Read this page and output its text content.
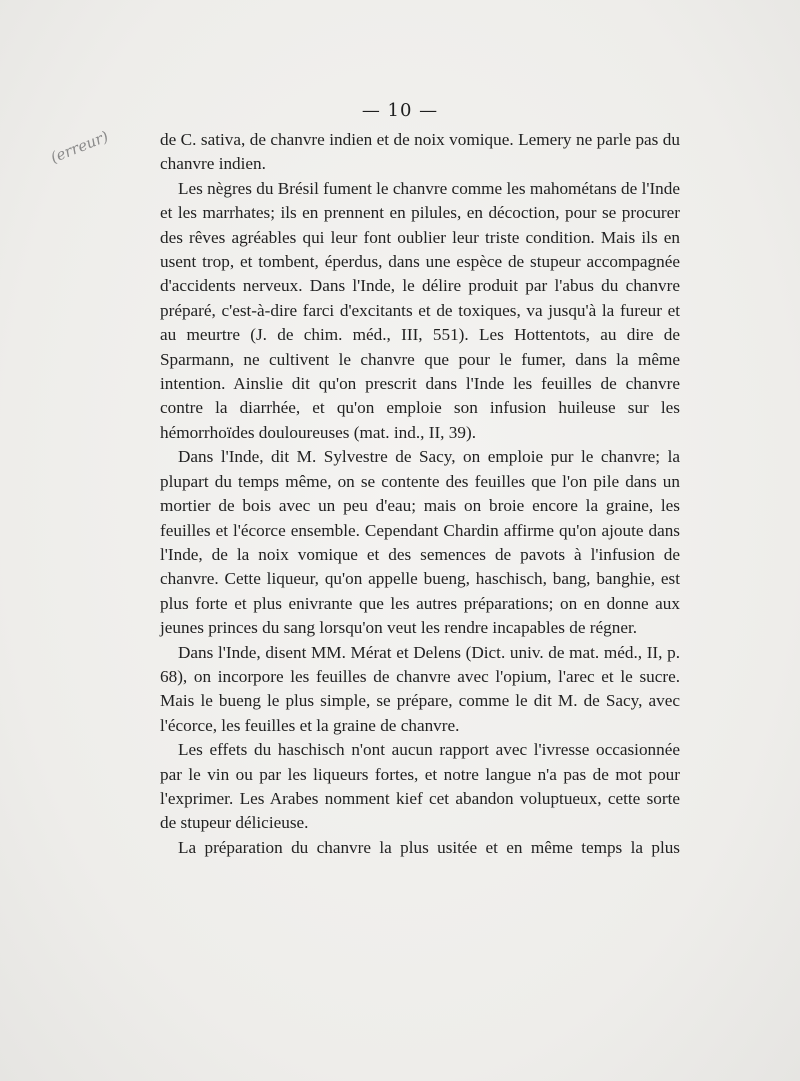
— 10 —
(erreur)	de C. sativa, de chanvre indien et de noix vomique. Lemery ne parle pas du chanvre indien.

Les nègres du Brésil fument le chanvre comme les mahométans de l'Inde et les marrhates; ils en prennent en pilules, en décoction, pour se procurer des rêves agréables qui leur font oublier leur triste condition. Mais ils en usent trop, et tombent, éperdus, dans une espèce de stupeur accompagnée d'accidents nerveux. Dans l'Inde, le délire produit par l'abus du chanvre préparé, c'est-à-dire farci d'excitants et de toxiques, va jusqu'à la fureur et au meurtre (J. de chim. méd., III, 551). Les Hottentots, au dire de Sparmann, ne cultivent le chanvre que pour le fumer, dans la même intention. Ainslie dit qu'on prescrit dans l'Inde les feuilles de chanvre contre la diarrhée, et qu'on emploie son infusion huileuse sur les hémorrhoïdes douloureuses (mat. ind., II, 39).

Dans l'Inde, dit M. Sylvestre de Sacy, on emploie pur le chanvre; la plupart du temps même, on se contente des feuilles que l'on pile dans un mortier de bois avec un peu d'eau; mais on broie encore la graine, les feuilles et l'écorce ensemble. Cependant Chardin affirme qu'on ajoute dans l'Inde, de la noix vomique et des semences de pavots à l'infusion de chanvre. Cette liqueur, qu'on appelle bueng, haschisch, bang, banghie, est plus forte et plus enivrante que les autres préparations; on en donne aux jeunes princes du sang lorsqu'on veut les rendre incapables de régner.

Dans l'Inde, disent MM. Mérat et Delens (Dict. univ. de mat. méd., II, p. 68), on incorpore les feuilles de chanvre avec l'opium, l'arec et le sucre. Mais le bueng le plus simple, se prépare, comme le dit M. de Sacy, avec l'écorce, les feuilles et la graine de chanvre.

Les effets du haschisch n'ont aucun rapport avec l'ivresse occasionnée par le vin ou par les liqueurs fortes, et notre langue n'a pas de mot pour l'exprimer. Les Arabes nomment kief cet abandon voluptueux, cette sorte de stupeur délicieuse.

La préparation du chanvre la plus usitée et en même temps la plus
